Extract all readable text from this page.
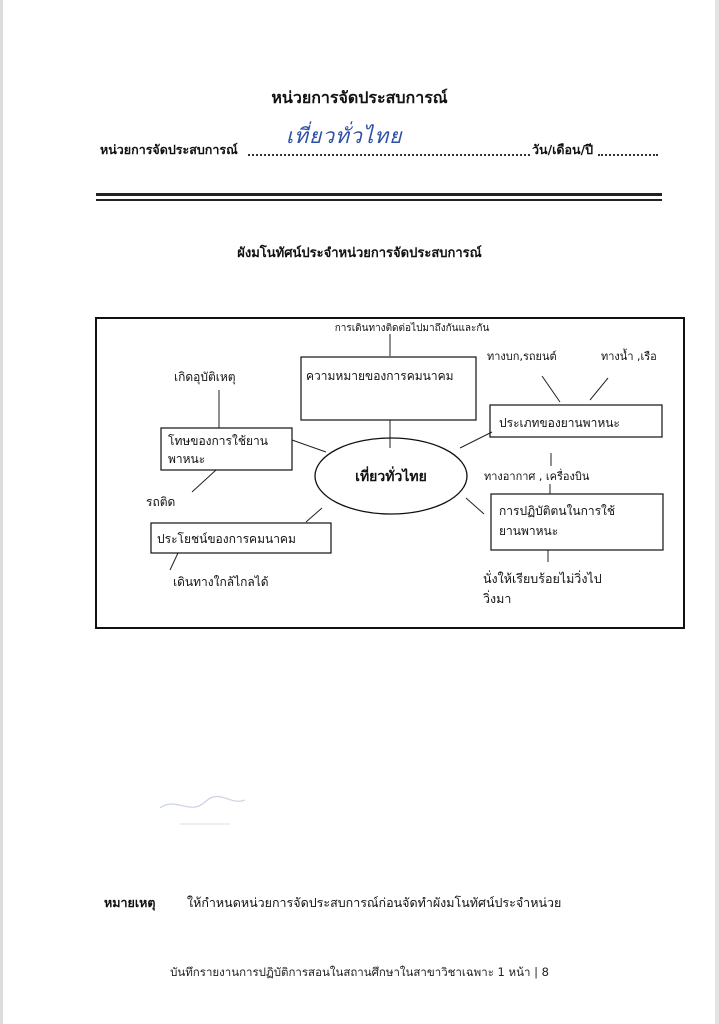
หน่วยการจัดประสบการณ์
หน่วยการจัดประสบการณ์
เที่ยวทั่วไทย
วัน/เดือน/ปี
ผังมโนทัศน์ประจำหน่วยการจัดประสบการณ์
เที่ยวทั่วไทย
การเดินทางติดต่อไปมาถึงกันและกัน
ความหมายของการคมนาคม
ประเภทของยานพาหนะ
ทางบก,รถยนต์	ทางน้ำ ,เรือ
ทางอากาศ , เครื่องบิน
โทษของการใช้ยาน
พาหนะ
เกิดอุบัติเหตุ
รถติด
ประโยชน์ของการคมนาคม
เดินทางใกล้ไกลได้
การปฏิบัติตนในการใช้
ยานพาหนะ
นั่งให้เรียบร้อยไม่วิ่งไป
วิ่งมา
หมายเหตุ	ให้กำหนดหน่วยการจัดประสบการณ์ก่อนจัดทำผังมโนทัศน์ประจำหน่วย
บันทึกรายงานการปฏิบัติการสอนในสถานศึกษาในสาขาวิชาเฉพาะ 1 หน้า | 8
